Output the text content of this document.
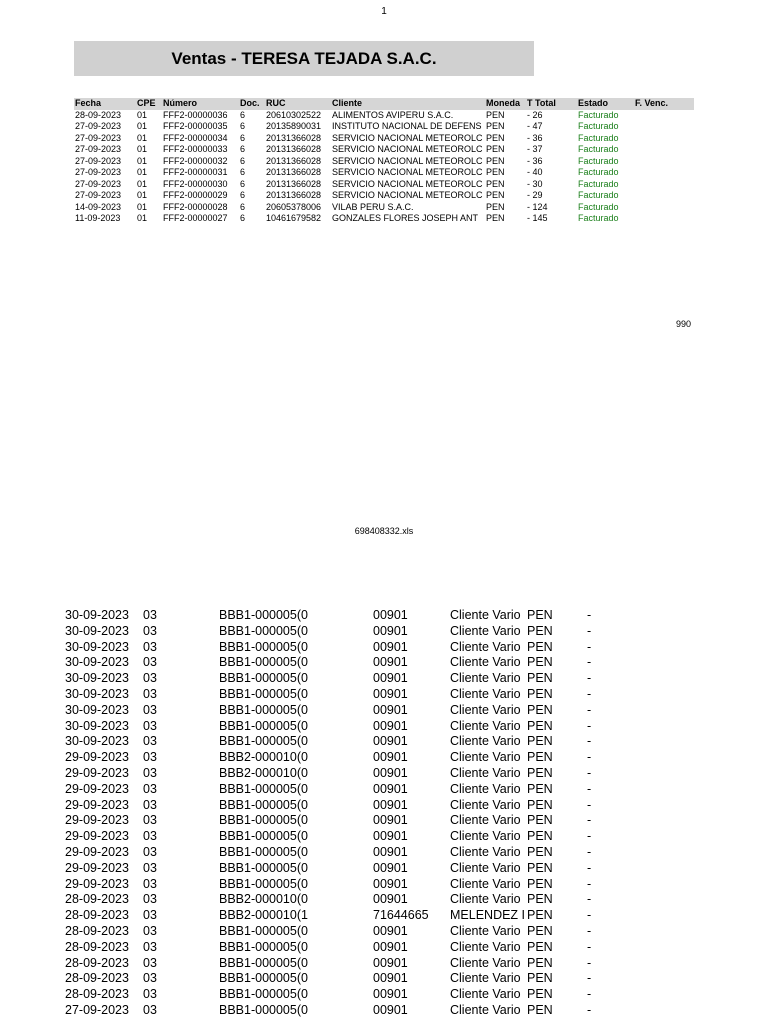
1
Ventas - TERESA TEJADA S.A.C.
Fecha	CPE	Número	Doc.	RUC	Cliente	Moneda	T Total	Estado	F. Venc.
28-09-2023	01	FFF2-00000036	6	20610302522	ALIMENTOS AVIPERU S.A.C.	PEN	- 26	Facturado	
27-09-2023	01	FFF2-00000035	6	20135890031	INSTITUTO NACIONAL DE DEFENS	PEN	- 47	Facturado	
27-09-2023	01	FFF2-00000034	6	20131366028	SERVICIO NACIONAL METEOROLC	PEN	- 36	Facturado	
27-09-2023	01	FFF2-00000033	6	20131366028	SERVICIO NACIONAL METEOROLC	PEN	- 37	Facturado	
27-09-2023	01	FFF2-00000032	6	20131366028	SERVICIO NACIONAL METEOROLC	PEN	- 36	Facturado	
27-09-2023	01	FFF2-00000031	6	20131366028	SERVICIO NACIONAL METEOROLC	PEN	- 40	Facturado	
27-09-2023	01	FFF2-00000030	6	20131366028	SERVICIO NACIONAL METEOROLC	PEN	- 30	Facturado	
27-09-2023	01	FFF2-00000029	6	20131366028	SERVICIO NACIONAL METEOROLC	PEN	- 29	Facturado	
14-09-2023	01	FFF2-00000028	6	20605378006	VILAB PERU S.A.C.	PEN	- 124	Facturado	
11-09-2023	01	FFF2-00000027	6	10461679582	GONZALES FLORES JOSEPH ANT	PEN	- 145	Facturado	
990
698408332.xls
30-09-2023	03	BBB1-000005(0	00901	Cliente Vario	PEN	-
30-09-2023	03	BBB1-000005(0	00901	Cliente Vario	PEN	-
30-09-2023	03	BBB1-000005(0	00901	Cliente Vario	PEN	-
30-09-2023	03	BBB1-000005(0	00901	Cliente Vario	PEN	-
30-09-2023	03	BBB1-000005(0	00901	Cliente Vario	PEN	-
30-09-2023	03	BBB1-000005(0	00901	Cliente Vario	PEN	-
30-09-2023	03	BBB1-000005(0	00901	Cliente Vario	PEN	-
30-09-2023	03	BBB1-000005(0	00901	Cliente Vario	PEN	-
30-09-2023	03	BBB1-000005(0	00901	Cliente Vario	PEN	-
29-09-2023	03	BBB2-000010(0	00901	Cliente Vario	PEN	-
29-09-2023	03	BBB2-000010(0	00901	Cliente Vario	PEN	-
29-09-2023	03	BBB1-000005(0	00901	Cliente Vario	PEN	-
29-09-2023	03	BBB1-000005(0	00901	Cliente Vario	PEN	-
29-09-2023	03	BBB1-000005(0	00901	Cliente Vario	PEN	-
29-09-2023	03	BBB1-000005(0	00901	Cliente Vario	PEN	-
29-09-2023	03	BBB1-000005(0	00901	Cliente Vario	PEN	-
29-09-2023	03	BBB1-000005(0	00901	Cliente Vario	PEN	-
29-09-2023	03	BBB1-000005(0	00901	Cliente Vario	PEN	-
28-09-2023	03	BBB2-000010(0	00901	Cliente Vario	PEN	-
28-09-2023	03	BBB2-000010(1	71644665	MELENDEZ I	PEN	-
28-09-2023	03	BBB1-000005(0	00901	Cliente Vario	PEN	-
28-09-2023	03	BBB1-000005(0	00901	Cliente Vario	PEN	-
28-09-2023	03	BBB1-000005(0	00901	Cliente Vario	PEN	-
28-09-2023	03	BBB1-000005(0	00901	Cliente Vario	PEN	-
28-09-2023	03	BBB1-000005(0	00901	Cliente Vario	PEN	-
27-09-2023	03	BBB1-000005(0	00901	Cliente Vario	PEN	-
